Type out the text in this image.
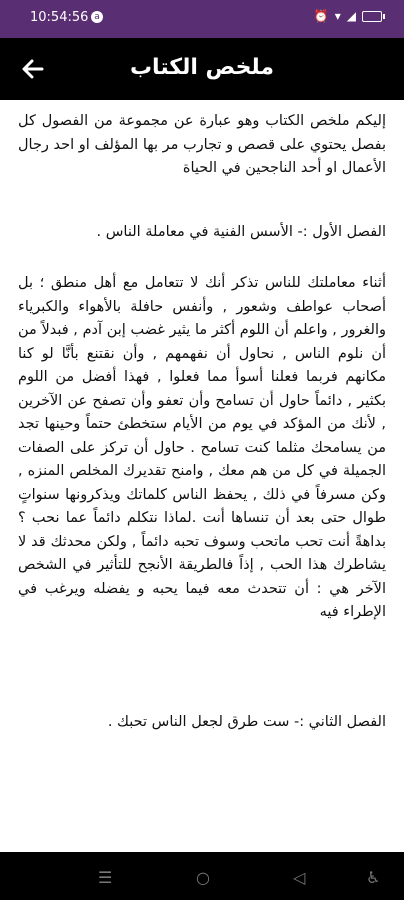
10:54:56 a	⏰ ▾ ◢
ملخص الكتاب

إليكم ملخص الكتاب وهو عبارة عن مجموعة من الفصول كل بفصل يحتوي على قصص و تجارب مر بها المؤلف او احد رجال الأعمال او أحد الناجحين في الحياة

الفصل الأول :- الأسس الفنية في معاملة الناس .

أثناء معاملتك للناس تذكر أنك لا تتعامل مع أهل منطق ؛ بل أصحاب عواطف وشعور , وأنفس حافلة بالأهواء والكبرياء والغرور , واعلم أن اللوم أكثر ما يثير غضب إبن آدم , فبدلاً من أن نلوم الناس , نحاول أن نفهمهم , وأن نقتنع بأنَّا لو كنا مكانهم فربما فعلنا أسوأ مما فعلوا , فهذا أفضل من اللوم بكثير , دائماً حاول أن تسامح وأن تعفو وأن تصفح عن الآخرين , لأنك من المؤكد في يوم من الأيام ستخطئ حتماً وحينها تجد من يسامحك مثلما كنت تسامح . حاول أن تركز على الصفات الجميلة في كل من هم معك , وامنح تقديرك المخلص المنزه , وكن مسرفاً في ذلك , يحفظ الناس كلماتك ويذكرونها سنواتٍ طوال حتى بعد أن تنساها أنت .لماذا نتكلم دائماً عما نحب ؟ بداهةً أنت تحب ماتحب وسوف تحبه دائماً , ولكن محدثك قد لا يشاطرك هذا الحب , إذاً فالطريقة الأنجح للتأثير في الشخص الآخر هي : أن تتحدث معه فيما يحبه و يفضله ويرغب في الإطراء فيه

الفصل الثاني :- ست طرق لجعل الناس تحبك .

☰	○	◁	♿
